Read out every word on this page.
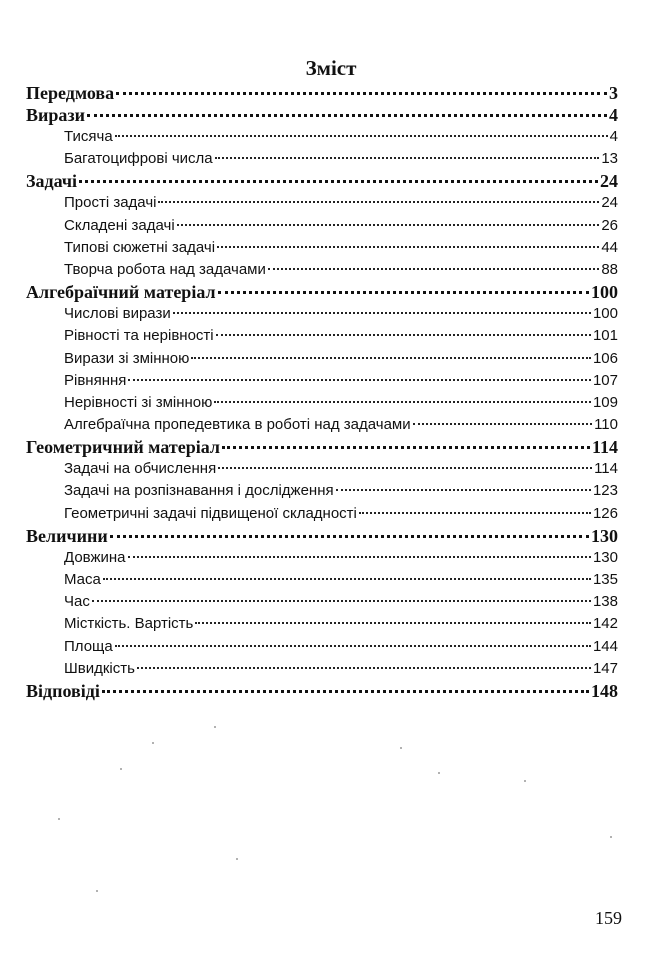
Зміст
Передмова	3
Вирази	4
Тисяча	4
Багатоцифрові числа	13
Задачі	24
Прості задачі	24
Складені задачі	26
Типові сюжетні задачі	44
Творча робота над задачами	88
Алгебраїчний матеріал	100
Числові вирази	100
Рівності та нерівності	101
Вирази зі змінною	106
Рівняння	107
Нерівності зі змінною	109
Алгебраїчна пропедевтика в роботі над задачами	110
Геометричний матеріал	114
Задачі на обчислення	114
Задачі на розпізнавання і дослідження	123
Геометричні задачі підвищеної складності	126
Величини	130
Довжина	130
Маса	135
Час	138
Місткість. Вартість	142
Площа	144
Швидкість	147
Відповіді	148
159
